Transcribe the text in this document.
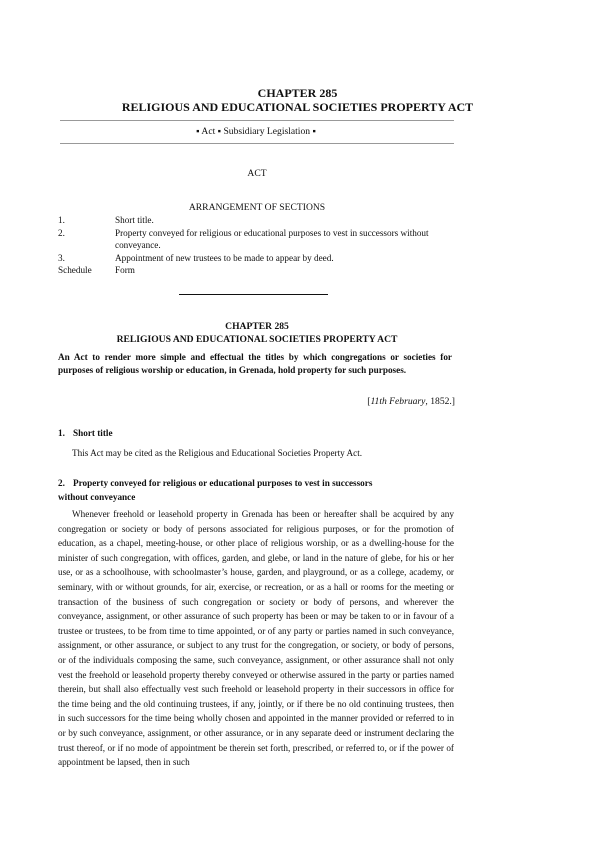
CHAPTER 285
RELIGIOUS AND EDUCATIONAL SOCIETIES PROPERTY ACT
▪ Act ▪ Subsidiary Legislation ▪
ACT
ARRANGEMENT OF SECTIONS
1.	Short title.
2.	Property conveyed for religious or educational purposes to vest in successors without conveyance.
3.	Appointment of new trustees to be made to appear by deed.
Schedule	Form
CHAPTER 285
RELIGIOUS AND EDUCATIONAL SOCIETIES PROPERTY ACT
An Act to render more simple and effectual the titles by which congregations or societies for purposes of religious worship or education, in Grenada, hold property for such purposes.
[11th February, 1852.]
1. Short title
This Act may be cited as the Religious and Educational Societies Property Act.
2. Property conveyed for religious or educational purposes to vest in successors
without conveyance
Whenever freehold or leasehold property in Grenada has been or hereafter shall be acquired by any congregation or society or body of persons associated for religious purposes, or for the promotion of education, as a chapel, meeting-house, or other place of religious worship, or as a dwelling-house for the minister of such congregation, with offices, garden, and glebe, or land in the nature of glebe, for his or her use, or as a schoolhouse, with schoolmaster’s house, garden, and playground, or as a college, academy, or seminary, with or without grounds, for air, exercise, or recreation, or as a hall or rooms for the meeting or transaction of the business of such congregation or society or body of persons, and wherever the conveyance, assignment, or other assurance of such property has been or may be taken to or in favour of a trustee or trustees, to be from time to time appointed, or of any party or parties named in such conveyance, assignment, or other assurance, or subject to any trust for the congregation, or society, or body of persons, or of the individuals composing the same, such conveyance, assignment, or other assurance shall not only vest the freehold or leasehold property thereby conveyed or otherwise assured in the party or parties named therein, but shall also effectually vest such freehold or leasehold property in their successors in office for the time being and the old continuing trustees, if any, jointly, or if there be no old continuing trustees, then in such successors for the time being wholly chosen and appointed in the manner provided or referred to in or by such conveyance, assignment, or other assurance, or in any separate deed or instrument declaring the trust thereof, or if no mode of appointment be therein set forth, prescribed, or referred to, or if the power of appointment be lapsed, then in such
